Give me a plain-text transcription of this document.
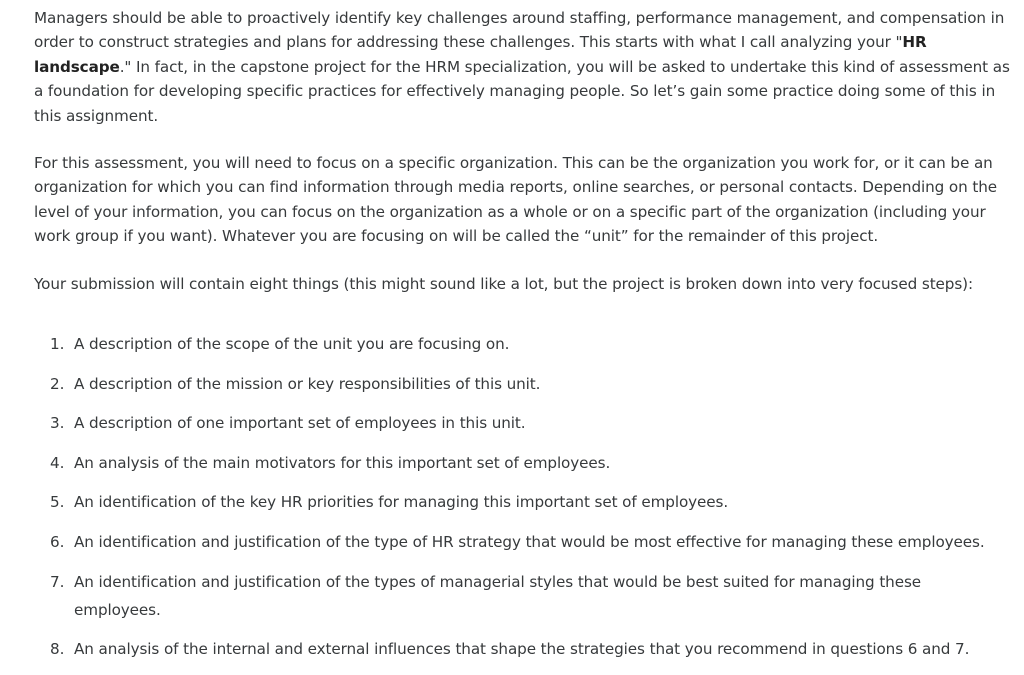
Managers should be able to proactively identify key challenges around staffing, performance management, and compensation in order to construct strategies and plans for addressing these challenges. This starts with what I call analyzing your "HR landscape." In fact, in the capstone project for the HRM specialization, you will be asked to undertake this kind of assessment as a foundation for developing specific practices for effectively managing people. So let’s gain some practice doing some of this in this assignment.

For this assessment, you will need to focus on a specific organization. This can be the organization you work for, or it can be an organization for which you can find information through media reports, online searches, or personal contacts. Depending on the level of your information, you can focus on the organization as a whole or on a specific part of the organization (including your work group if you want). Whatever you are focusing on will be called the “unit” for the remainder of this project.

Your submission will contain eight things (this might sound like a lot, but the project is broken down into very focused steps):

1. A description of the scope of the unit you are focusing on.
2. A description of the mission or key responsibilities of this unit.
3. A description of one important set of employees in this unit.
4. An analysis of the main motivators for this important set of employees.
5. An identification of the key HR priorities for managing this important set of employees.
6. An identification and justification of the type of HR strategy that would be most effective for managing these employees.
7. An identification and justification of the types of managerial styles that would be best suited for managing these employees.
8. An analysis of the internal and external influences that shape the strategies that you recommend in questions 6 and 7.
